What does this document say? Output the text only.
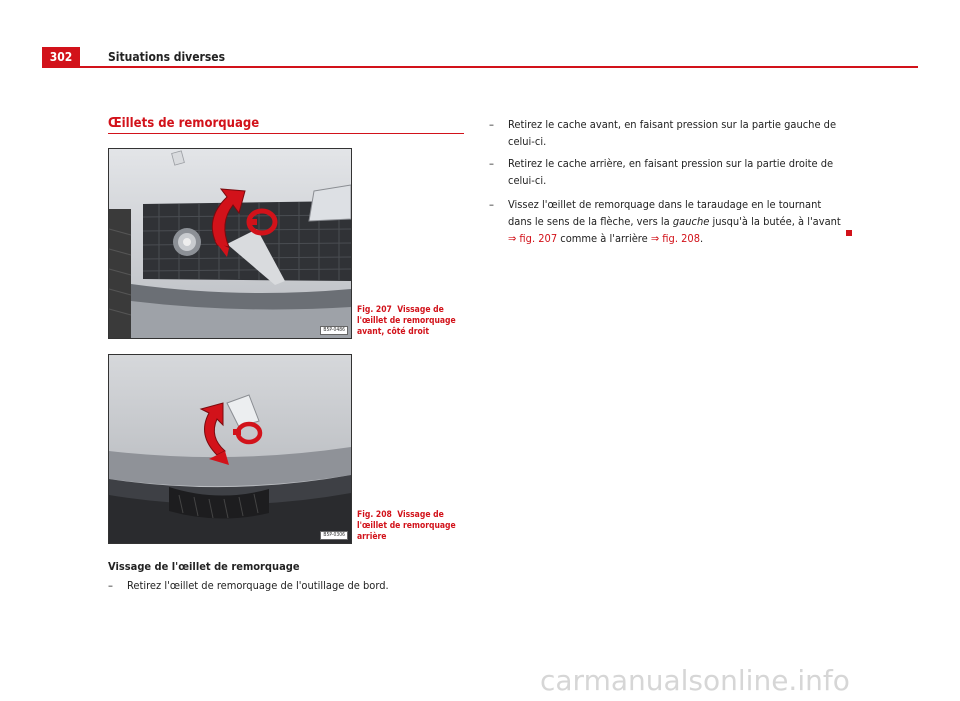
302	Situations diverses
Œillets de remorquage
B5P-0486
Fig. 207 Vissage de l'œillet de remorquage avant, côté droit
B5P-0306
Fig. 208 Vissage de l'œillet de remorquage arrière
Vissage de l'œillet de remorquage
–	Retirez l'œillet de remorquage de l'outillage de bord.
–	Retirez le cache avant, en faisant pression sur la partie gauche de celui-ci.
–	Retirez le cache arrière, en faisant pression sur la partie droite de celui-ci.
–	Vissez l'œillet de remorquage dans le taraudage en le tournant dans le sens de la flèche, vers la gauche jusqu'à la butée, à l'avant ⇒ fig. 207 comme à l'arrière ⇒ fig. 208.
carmanualsonline.info
